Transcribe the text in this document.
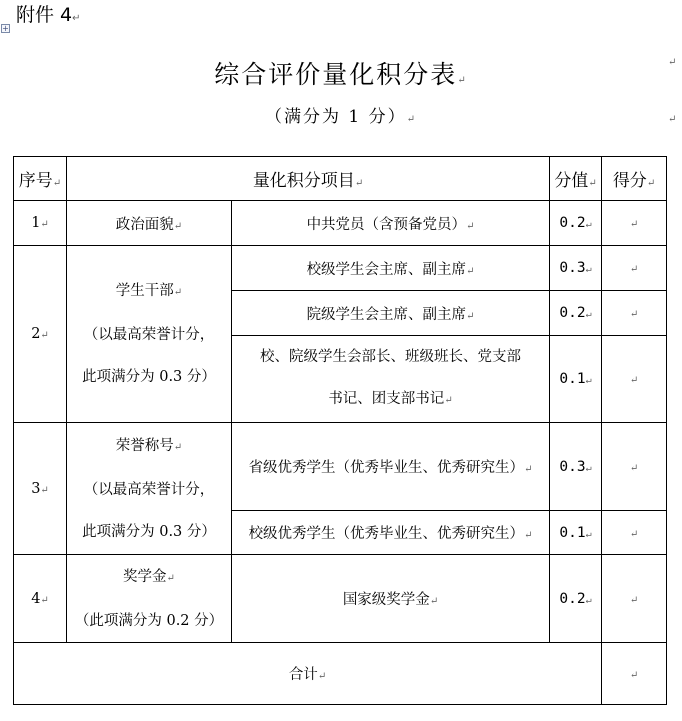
附件 4↵
+
综合评价量化积分表↵
（满分为 1 分）↵
↵
↵
序号↵	量化积分项目↵		分值↵	得分↵
1↵	政治面貌↵	中共党员（含预备党员）↵	0.2↵	↵
2↵	学生干部↵
（以最高荣誉计分，
此项满分为 0.3 分）	校级学生会主席、副主席↵	0.3↵	↵
		院级学生会主席、副主席↵	0.2↵	↵

		校、院级学生会部长、班级班长、党支部
书记、团支部书记↵	0.1↵	↵
3↵	荣誉称号↵
（以最高荣誉计分，
此项满分为 0.3 分）	省级优秀学生（优秀毕业生、优秀研究生）↵	0.3↵	↵
		校级优秀学生（优秀毕业生、优秀研究生）↵	0.1↵	↵
4↵	奖学金↵
（此项满分为 0.2 分）	国家级奖学金↵	0.2↵	↵
合计↵				↵
